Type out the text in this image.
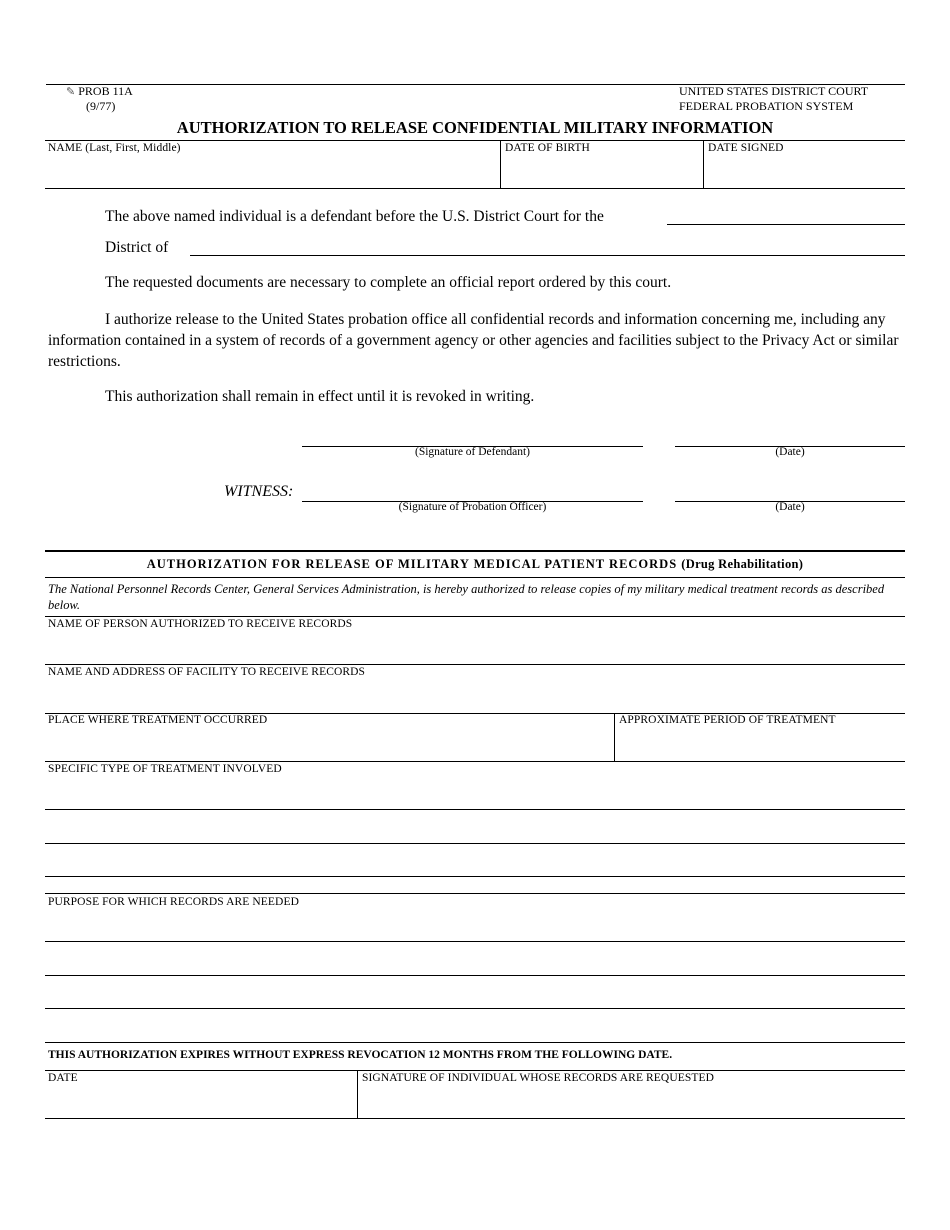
✎ PROB 11A
(9/77)
UNITED STATES DISTRICT COURT
FEDERAL PROBATION SYSTEM
AUTHORIZATION TO RELEASE CONFIDENTIAL MILITARY INFORMATION
NAME (Last, First, Middle)	DATE OF BIRTH	DATE SIGNED
The above named individual is a defendant before the U.S. District Court for the
District of
The requested documents are necessary to complete an official report ordered by this court.
I authorize release to the United States probation office all confidential records and information concerning me, including any information contained in a system of records of a government agency or other agencies and facilities subject to the Privacy Act or similar restrictions.
This authorization shall remain in effect until it is revoked in writing.
(Signature of Defendant)	(Date)
WITNESS:
(Signature of Probation Officer)	(Date)
AUTHORIZATION FOR RELEASE OF MILITARY MEDICAL PATIENT RECORDS (Drug Rehabilitation)
The National Personnel Records Center, General Services Administration, is hereby authorized to release copies of my military medical treatment records as described below.
NAME OF PERSON AUTHORIZED TO RECEIVE RECORDS
NAME AND ADDRESS OF FACILITY TO RECEIVE RECORDS
PLACE WHERE TREATMENT OCCURRED	APPROXIMATE PERIOD OF TREATMENT
SPECIFIC TYPE OF TREATMENT INVOLVED
PURPOSE FOR WHICH RECORDS ARE NEEDED
THIS AUTHORIZATION EXPIRES WITHOUT EXPRESS REVOCATION 12 MONTHS FROM THE FOLLOWING DATE.
DATE	SIGNATURE OF INDIVIDUAL WHOSE RECORDS ARE REQUESTED
